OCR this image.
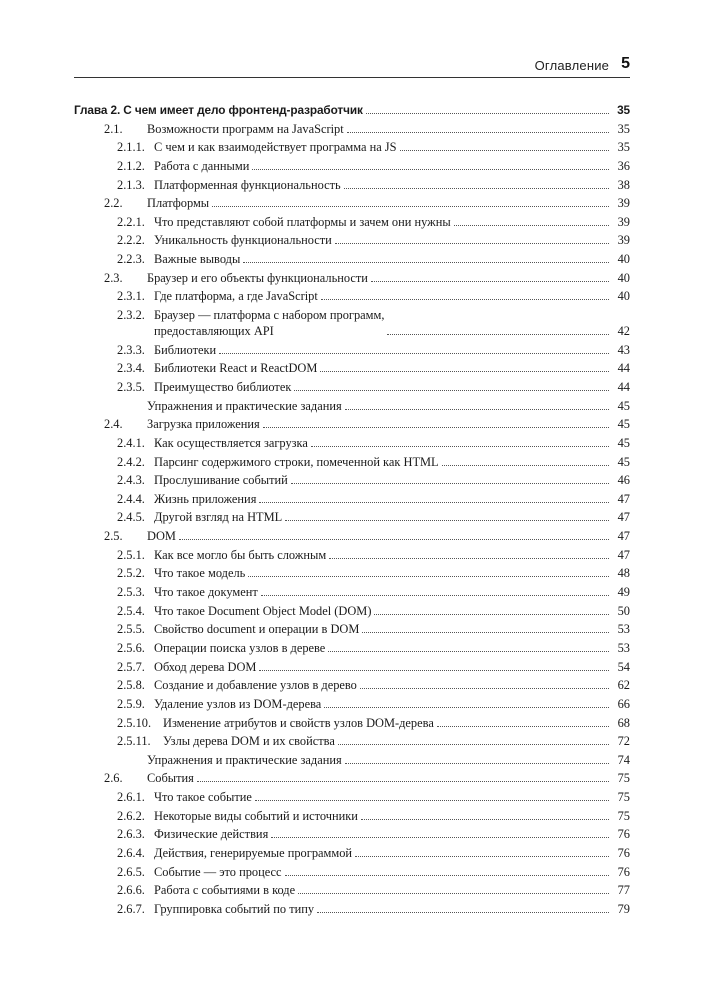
Оглавление 5
Глава 2. С чем имеет дело фронтенд-разработчик	35
2.1.	Возможности программ на JavaScript	35
2.1.1. С чем и как взаимодействует программа на JS	35
2.1.2. Работа с данными	36
2.1.3. Платформенная функциональность	38
2.2.	Платформы	39
2.2.1. Что представляют собой платформы и зачем они нужны	39
2.2.2. Уникальность функциональности	39
2.2.3. Важные выводы	40
2.3.	Браузер и его объекты функциональности	40
2.3.1. Где платформа, а где JavaScript	40
2.3.2. Браузер — платформа с набором программ,
предоставляющих API	42
2.3.3. Библиотеки	43
2.3.4. Библиотеки React и ReactDOM	44
2.3.5. Преимущество библиотек	44
Упражнения и практические задания	45
2.4.	Загрузка приложения	45
2.4.1. Как осуществляется загрузка	45
2.4.2. Парсинг содержимого строки, помеченной как HTML	45
2.4.3. Прослушивание событий	46
2.4.4. Жизнь приложения	47
2.4.5. Другой взгляд на HTML	47
2.5.	DOM	47
2.5.1. Как все могло бы быть сложным	47
2.5.2. Что такое модель	48
2.5.3. Что такое документ	49
2.5.4. Что такое Document Object Model (DOM)	50
2.5.5. Свойство document и операции в DOM	53
2.5.6. Операции поиска узлов в дереве	53
2.5.7. Обход дерева DOM	54
2.5.8. Создание и добавление узлов в дерево	62
2.5.9. Удаление узлов из DOM-дерева	66
2.5.10. Изменение атрибутов и свойств узлов DOM-дерева	68
2.5.11. Узлы дерева DOM и их свойства	72
Упражнения и практические задания	74
2.6.	События	75
2.6.1. Что такое событие	75
2.6.2. Некоторые виды событий и источники	75
2.6.3. Физические действия	76
2.6.4. Действия, генерируемые программой	76
2.6.5. Событие — это процесс	76
2.6.6. Работа с событиями в коде	77
2.6.7. Группировка событий по типу	79
